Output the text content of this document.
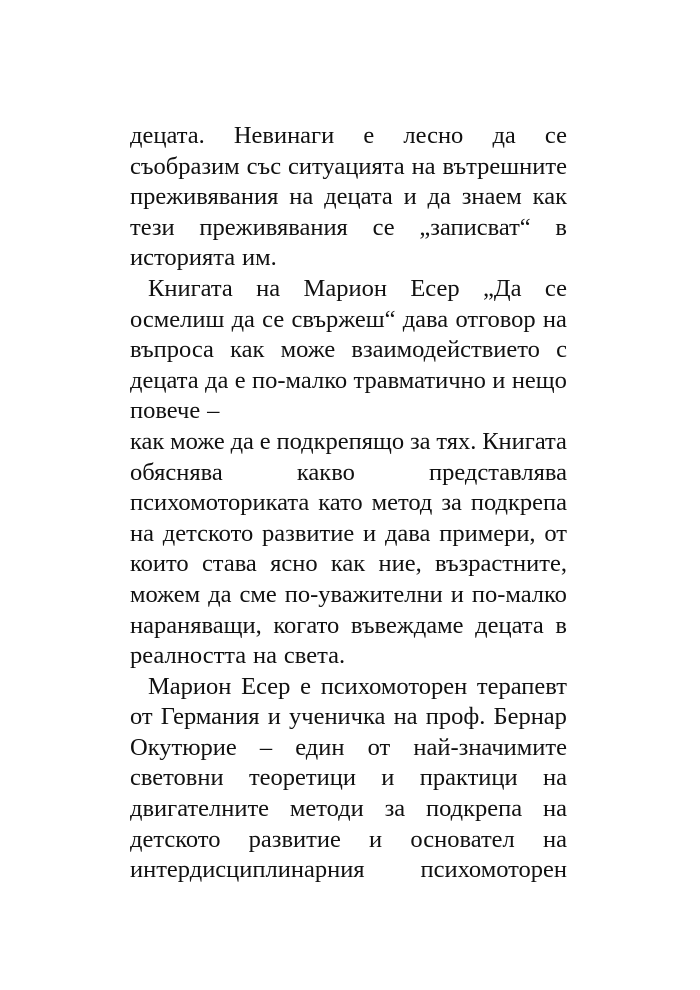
децата. Невинаги е лесно да се
съобразим със ситуацията на вътрешните
преживявания на децата и да знаем как
тези преживявания се „записват“ в
историята им.
Книгата на Марион Есер „Да се
осмелиш да се свържеш“ дава отговор на
въпроса как може взаимодействието с
децата да е по-малко травматично и нещо
повече –
как може да е подкрепящо за тях. Книгата
обяснява	какво	представлява
психомоториката като метод за подкрепа
на детското развитие и дава примери, от
които става ясно как ние, възрастните,
можем да сме по-уважителни и по-малко
нараняващи, когато въвеждаме децата в
реалността на света.
Марион Есер е психомоторен терапевт
от Германия и ученичка на проф. Бернар
Окутюрие – един от най-значимите
световни теоретици и практици на
двигателните методи за подкрепа на
детското развитие и основател на
интердисциплинарния психомоторен
